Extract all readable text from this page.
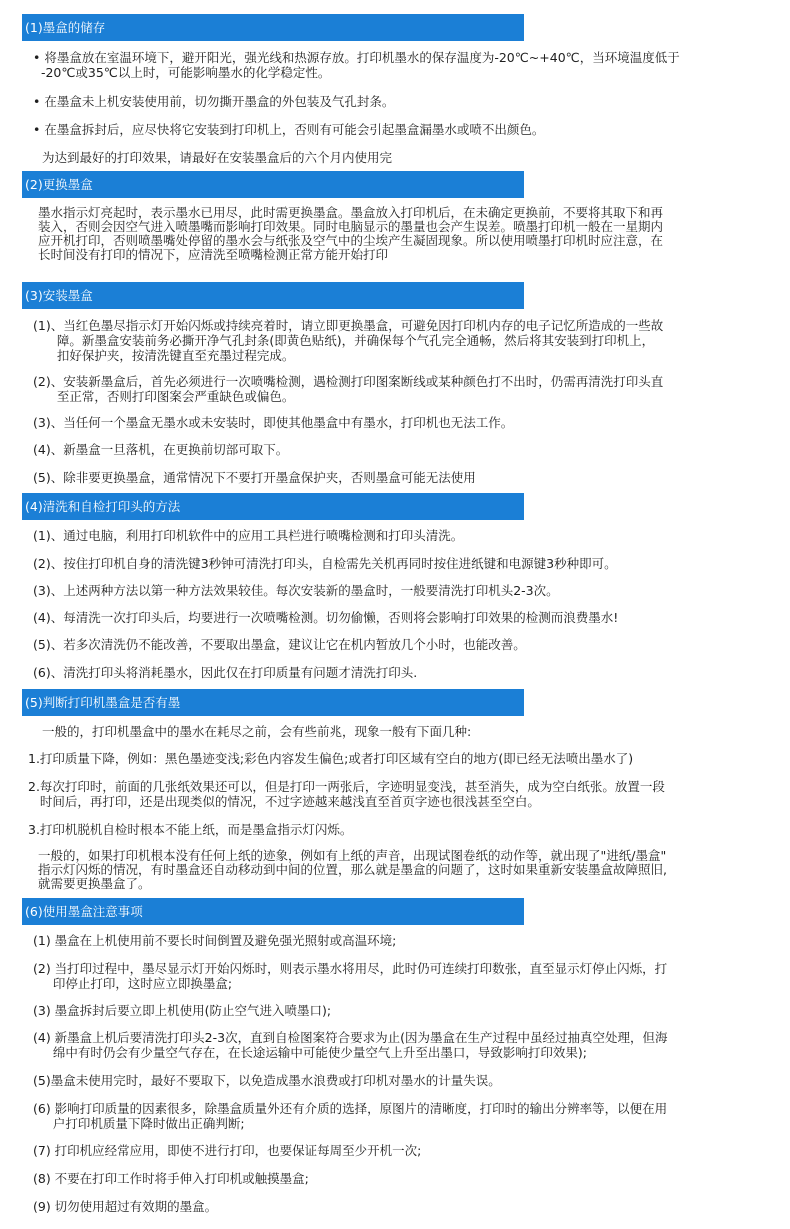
(1)墨盒的储存

• 将墨盒放在室温环境下，避开阳光，强光线和热源存放。打印机墨水的保存温度为-20℃~+40℃，当环境温度低于
-20℃或35℃以上时，可能影响墨水的化学稳定性。

• 在墨盒未上机安装使用前，切勿撕开墨盒的外包装及气孔封条。

• 在墨盒拆封后，应尽快将它安装到打印机上，否则有可能会引起墨盒漏墨水或喷不出颜色。

为达到最好的打印效果，请最好在安装墨盒后的六个月内使用完

(2)更换墨盒

墨水指示灯亮起时，表示墨水已用尽，此时需更换墨盒。墨盒放入打印机后，在未确定更换前，不要将其取下和再
装入，否则会因空气进入喷墨嘴而影响打印效果。同时电脑显示的墨量也会产生误差。喷墨打印机一般在一星期内
应开机打印，否则喷墨嘴处停留的墨水会与纸张及空气中的尘埃产生凝固现象。所以使用喷墨打印机时应注意，在
长时间没有打印的情况下，应清洗至喷嘴检测正常方能开始打印

(3)安装墨盒

(1)、当红色墨尽指示灯开始闪烁或持续亮着时，请立即更换墨盒，可避免因打印机内存的电子记忆所造成的一些故
障。新墨盒安装前务必撕开净气孔封条(即黄色贴纸)，并确保每个气孔完全通畅，然后将其安装到打印机上，
扣好保护夹，按清洗键直至充墨过程完成。

(2)、安装新墨盒后，首先必须进行一次喷嘴检测，遇检测打印图案断线或某种颜色打不出时，仍需再清洗打印头直
至正常，否则打印图案会严重缺色或偏色。

(3)、当任何一个墨盒无墨水或未安装时，即使其他墨盒中有墨水，打印机也无法工作。

(4)、新墨盒一旦落机，在更换前切部可取下。

(5)、除非要更换墨盒，通常情况下不要打开墨盒保护夹，否则墨盒可能无法使用

(4)清洗和自检打印头的方法

(1)、通过电脑，利用打印机软件中的应用工具栏进行喷嘴检测和打印头清洗。

(2)、按住打印机自身的清洗键3秒钟可清洗打印头，自检需先关机再同时按住进纸键和电源键3秒种即可。

(3)、上述两种方法以第一种方法效果较佳。每次安装新的墨盒时，一般要清洗打印机头2-3次。

(4)、每清洗一次打印头后，均要进行一次喷嘴检测。切勿偷懒，否则将会影响打印效果的检测而浪费墨水!

(5)、若多次清洗仍不能改善，不要取出墨盒，建议让它在机内暂放几个小时，也能改善。

(6)、清洗打印头将消耗墨水，因此仅在打印质量有问题才清洗打印头.

(5)判断打印机墨盒是否有墨

一般的，打印机墨盒中的墨水在耗尽之前，会有些前兆，现象一般有下面几种:

1.打印质量下降，例如：黑色墨迹变浅;彩色内容发生偏色;或者打印区域有空白的地方(即已经无法喷出墨水了)

2.每次打印时，前面的几张纸效果还可以，但是打印一两张后，字迹明显变浅，甚至消失，成为空白纸张。放置一段
时间后，再打印，还是出现类似的情况，不过字迹越来越浅直至首页字迹也很浅甚至空白。

3.打印机脱机自检时根本不能上纸，而是墨盒指示灯闪烁。

一般的，如果打印机根本没有任何上纸的迹象，例如有上纸的声音，出现试图卷纸的动作等，就出现了"进纸/墨盒"
指示灯闪烁的情况，有时墨盒还自动移动到中间的位置，那么就是墨盒的问题了，这时如果重新安装墨盒故障照旧,
就需要更换墨盒了。

(6)使用墨盒注意事项

(1) 墨盒在上机使用前不要长时间倒置及避免强光照射或高温环境;

(2) 当打印过程中，墨尽显示灯开始闪烁时，则表示墨水将用尽，此时仍可连续打印数张，直至显示灯停止闪烁，打
印停止打印，这时应立即换墨盒;

(3) 墨盒拆封后要立即上机使用(防止空气进入喷墨口);

(4) 新墨盒上机后要清洗打印头2-3次，直到自检图案符合要求为止(因为墨盒在生产过程中虽经过抽真空处理，但海
绵中有时仍会有少量空气存在，在长途运输中可能使少量空气上升至出墨口，导致影响打印效果);

(5)墨盒未使用完时，最好不要取下，以免造成墨水浪费或打印机对墨水的计量失误。

(6) 影响打印质量的因素很多，除墨盒质量外还有介质的选择，原图片的清晰度，打印时的输出分辨率等，以便在用
户打印机质量下降时做出正确判断;

(7) 打印机应经常应用，即使不进行打印，也要保证每周至少开机一次;

(8) 不要在打印工作时将手伸入打印机或触摸墨盒;

(9) 切勿使用超过有效期的墨盒。
